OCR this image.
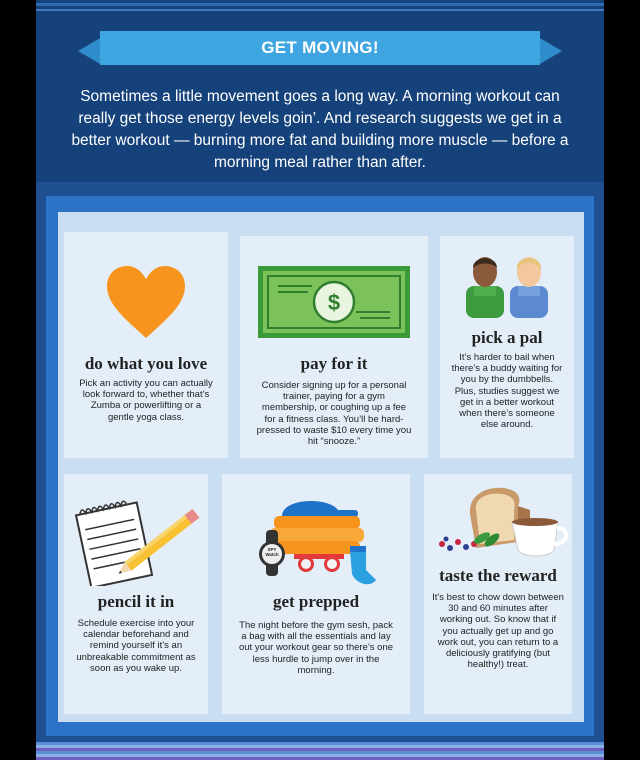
GET MOVING!
Sometimes a little movement goes a long way. A morning workout can really get those energy levels goin’. And research suggests we get in a better workout — burning more fat and building more muscle — before a morning meal rather than after.
do what you love
Pick an activity you can actually look forward to, whether that’s Zumba or powerlifting or a gentle yoga class.
$
pay for it
Consider signing up for a personal trainer, paying for a gym membership, or coughing up a fee for a fitness class. You’ll be hard-pressed to waste $10 every time you hit “snooze.”
pick a pal
It’s harder to bail when there’s a buddy waiting for you by the dumbbells. Plus, studies suggest we get in a better workout when there’s someone else around.
pencil it in
Schedule exercise into your calendar beforehand and remind yourself it’s an unbreakable commitment as soon as you wake up.
SPY Watch
get prepped
The night before the gym sesh, pack a bag with all the essentials and lay out your workout gear so there’s one less hurdle to jump over in the morning.
taste the reward
It’s best to chow down between 30 and 60 minutes after working out. So know that if you actually get up and go work out, you can return to a deliciously gratifying (but healthy!) treat.
